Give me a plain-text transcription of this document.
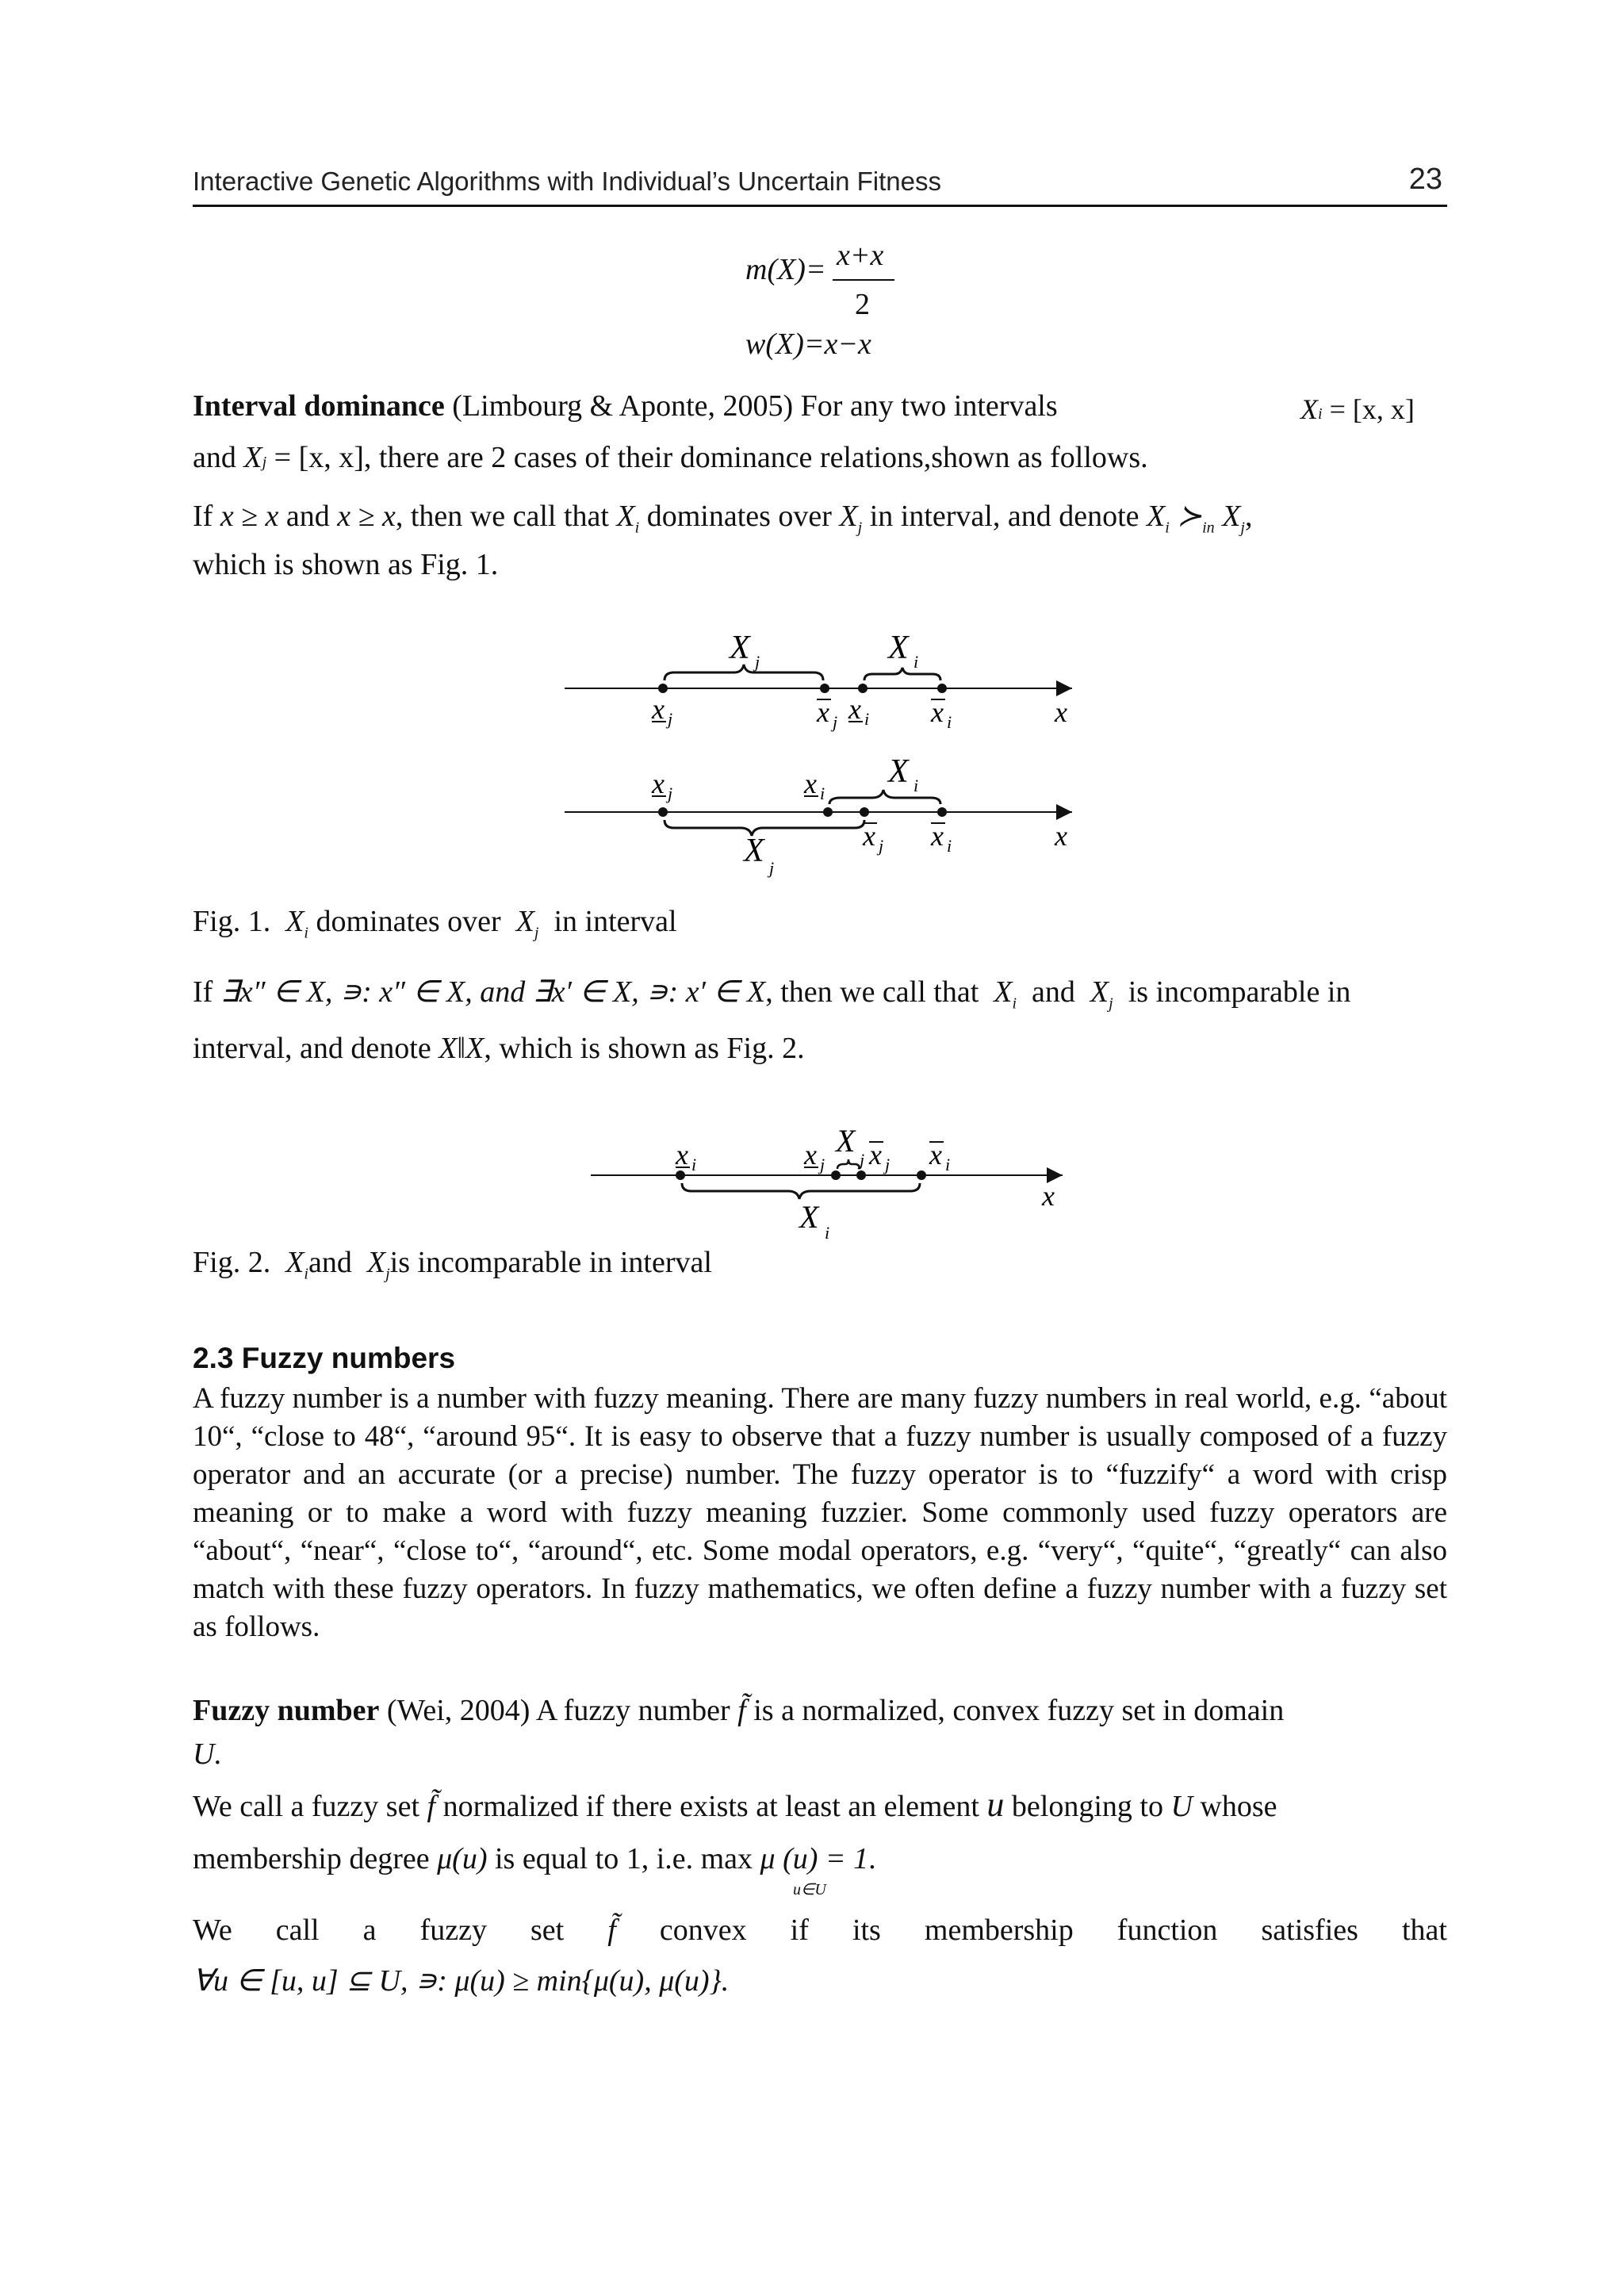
Interactive Genetic Algorithms with Individual’s Uncertain Fitness	23
m(X)= x+x
2
w(X)=x−x
Interval dominance (Limbourg & Aponte, 2005) For any two intervals	Xi = [x, x]
and Xj = [x, x], there are 2 cases of their dominance relations,shown as follows.
If x ≥ x and x ≥ x, then we call that $X_i$ dominates over $X_j$ in interval, and denote $X_i$ $≻_{in}$ $X_j$,
which is shown as Fig. 1.
X j	X i
x j	x j x i x i	x
x j	x i
X i
x j x i
X j
x
Fig. 1. $X_i$ dominates over $X_j$ in interval
If ∃x″ ∈ X, ∍: x″ ∈ X, and ∃x′ ∈ X, ∍: x′ ∈ X, then we call that $X_i$ and $X_j$ is incomparable in
interval, and denote X‖X, which is shown as Fig. 2.
x i	x j
X
j x j x i
X i
x
Fig. 2. $X_iand$ $X_jis$ incomparable in interval
2.3 Fuzzy numbers
A fuzzy number is a number with fuzzy meaning. There are many fuzzy numbers in real world, e.g. “about 10“, “close to 48“, “around 95“. It is easy to observe that a fuzzy number is usually composed of a fuzzy operator and an accurate (or a precise) number. The fuzzy operator is to “fuzzify“ a word with crisp meaning or to make a word with fuzzy meaning fuzzier. Some commonly used fuzzy operators are “about“, “near“, “close to“, “around“, etc. Some modal operators, e.g. “very“, “quite“, “greatly“ can also match with these fuzzy operators. In fuzzy mathematics, we often define a fuzzy number with a fuzzy set as follows.
Fuzzy number (Wei, 2004) A fuzzy number f̃ is a normalized, convex fuzzy set in domain
U.
We call a fuzzy set f̃ normalized if there exists at least an element u belonging to U whose
membership degree μ(u) is equal to 1, i.e. max μ (u) = 1.
u∈U
We call a fuzzy set f̃ convex if its membership function satisfies that
∀u ∈ [u, u] ⊆ U, ∍: μ(u) ≥ min{μ(u), μ(u)}.
